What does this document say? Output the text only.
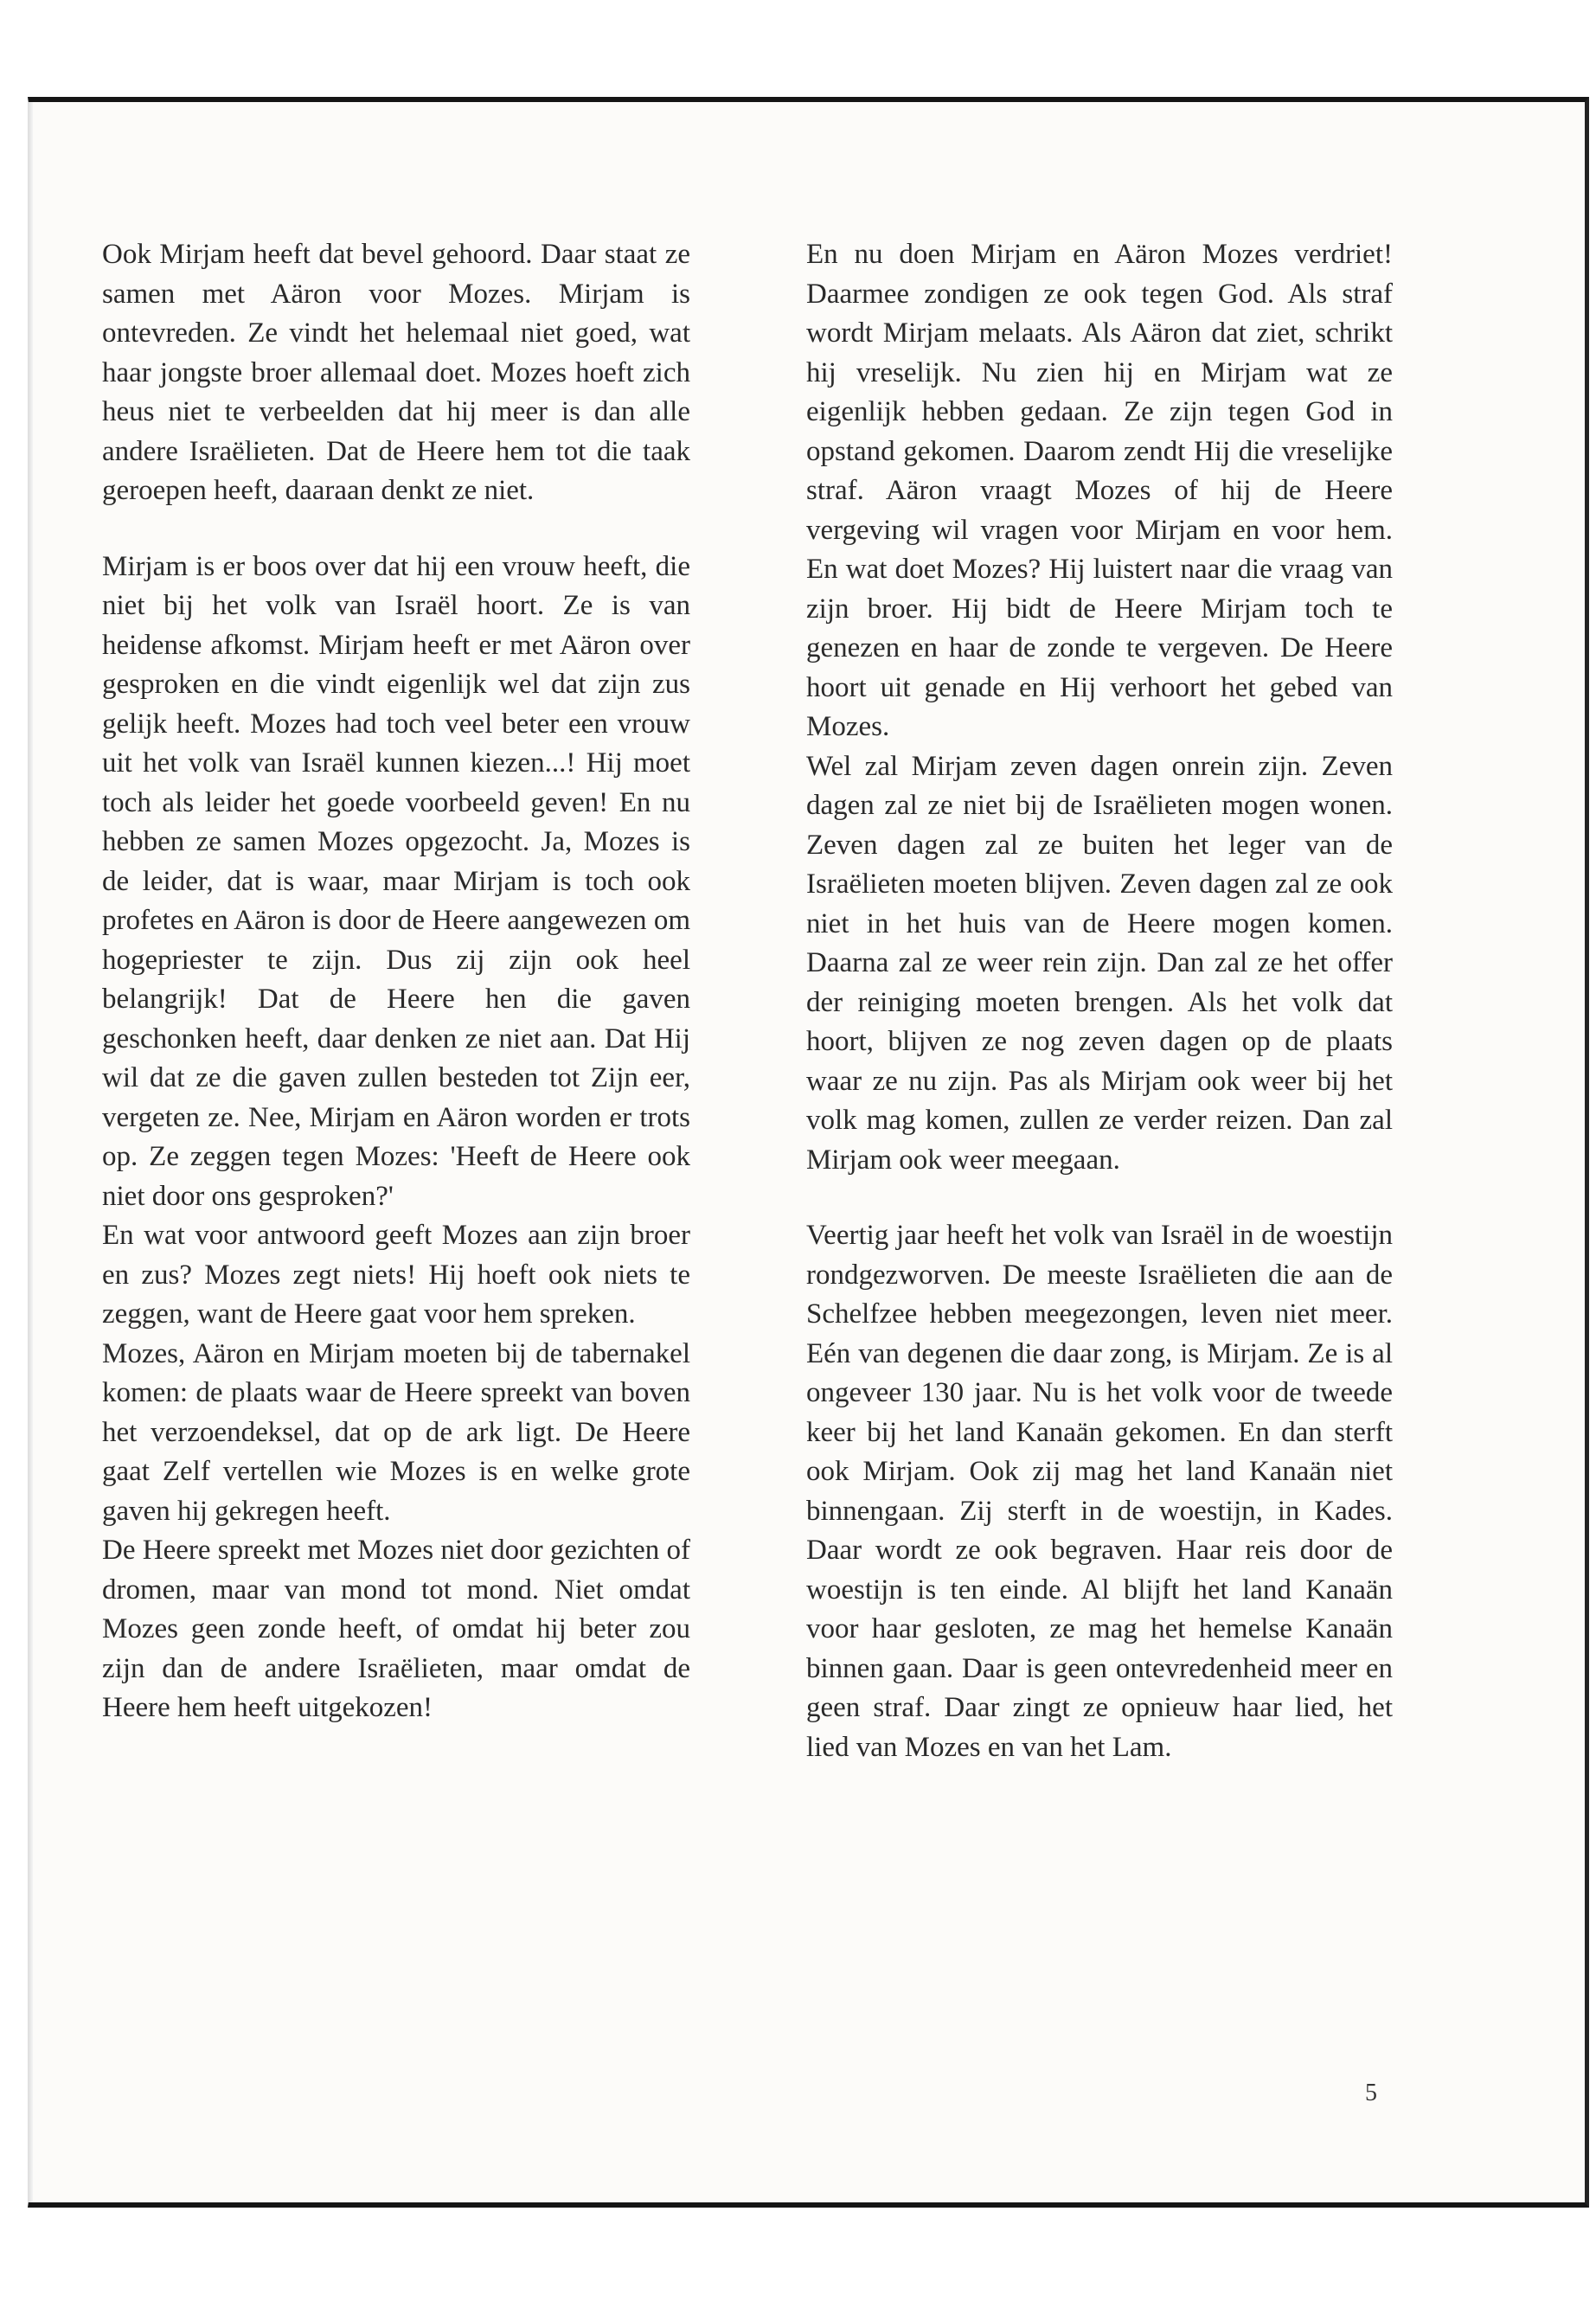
Ook Mirjam heeft dat bevel gehoord. Daar staat ze samen met Aäron voor Mozes. Mirjam is ontevreden. Ze vindt het helemaal niet goed, wat haar jongste broer allemaal doet. Mozes hoeft zich heus niet te verbeelden dat hij meer is dan alle andere Israëlieten. Dat de Heere hem tot die taak geroepen heeft, daaraan denkt ze niet.

Mirjam is er boos over dat hij een vrouw heeft, die niet bij het volk van Israël hoort. Ze is van heidense afkomst. Mirjam heeft er met Aäron over gesproken en die vindt eigenlijk wel dat zijn zus gelijk heeft. Mozes had toch veel beter een vrouw uit het volk van Israël kunnen kiezen...! Hij moet toch als leider het goede voorbeeld geven! En nu hebben ze samen Mozes opgezocht. Ja, Mozes is de leider, dat is waar, maar Mirjam is toch ook profetes en Aäron is door de Heere aangewezen om hogepriester te zijn. Dus zij zijn ook heel belangrijk! Dat de Heere hen die gaven geschonken heeft, daar denken ze niet aan. Dat Hij wil dat ze die gaven zullen besteden tot Zijn eer, vergeten ze. Nee, Mirjam en Aäron worden er trots op. Ze zeggen tegen Mozes: 'Heeft de Heere ook niet door ons gesproken?'

En wat voor antwoord geeft Mozes aan zijn broer en zus? Mozes zegt niets! Hij hoeft ook niets te zeggen, want de Heere gaat voor hem spreken.

Mozes, Aäron en Mirjam moeten bij de tabernakel komen: de plaats waar de Heere spreekt van boven het verzoendeksel, dat op de ark ligt. De Heere gaat Zelf vertellen wie Mozes is en welke grote gaven hij gekregen heeft.

De Heere spreekt met Mozes niet door gezichten of dromen, maar van mond tot mond. Niet omdat Mozes geen zonde heeft, of omdat hij beter zou zijn dan de andere Israëlieten, maar omdat de Heere hem heeft uitgekozen!

En nu doen Mirjam en Aäron Mozes verdriet! Daarmee zondigen ze ook tegen God. Als straf wordt Mirjam melaats. Als Aäron dat ziet, schrikt hij vreselijk. Nu zien hij en Mirjam wat ze eigenlijk hebben gedaan. Ze zijn tegen God in opstand gekomen. Daarom zendt Hij die vreselijke straf. Aäron vraagt Mozes of hij de Heere vergeving wil vragen voor Mirjam en voor hem. En wat doet Mozes? Hij luistert naar die vraag van zijn broer. Hij bidt de Heere Mirjam toch te genezen en haar de zonde te vergeven. De Heere hoort uit genade en Hij verhoort het gebed van Mozes.

Wel zal Mirjam zeven dagen onrein zijn. Zeven dagen zal ze niet bij de Israëlieten mogen wonen. Zeven dagen zal ze buiten het leger van de Israëlieten moeten blijven. Zeven dagen zal ze ook niet in het huis van de Heere mogen komen. Daarna zal ze weer rein zijn. Dan zal ze het offer der reiniging moeten brengen. Als het volk dat hoort, blijven ze nog zeven dagen op de plaats waar ze nu zijn. Pas als Mirjam ook weer bij het volk mag komen, zullen ze verder reizen. Dan zal Mirjam ook weer meegaan.

Veertig jaar heeft het volk van Israël in de woestijn rondgezworven. De meeste Israëlieten die aan de Schelfzee hebben meegezongen, leven niet meer. Eén van degenen die daar zong, is Mirjam. Ze is al ongeveer 130 jaar. Nu is het volk voor de tweede keer bij het land Kanaän gekomen. En dan sterft ook Mirjam. Ook zij mag het land Kanaän niet binnengaan. Zij sterft in de woestijn, in Kades. Daar wordt ze ook begraven. Haar reis door de woestijn is ten einde. Al blijft het land Kanaän voor haar gesloten, ze mag het hemelse Kanaän binnen gaan. Daar is geen ontevredenheid meer en geen straf. Daar zingt ze opnieuw haar lied, het lied van Mozes en van het Lam.

5
